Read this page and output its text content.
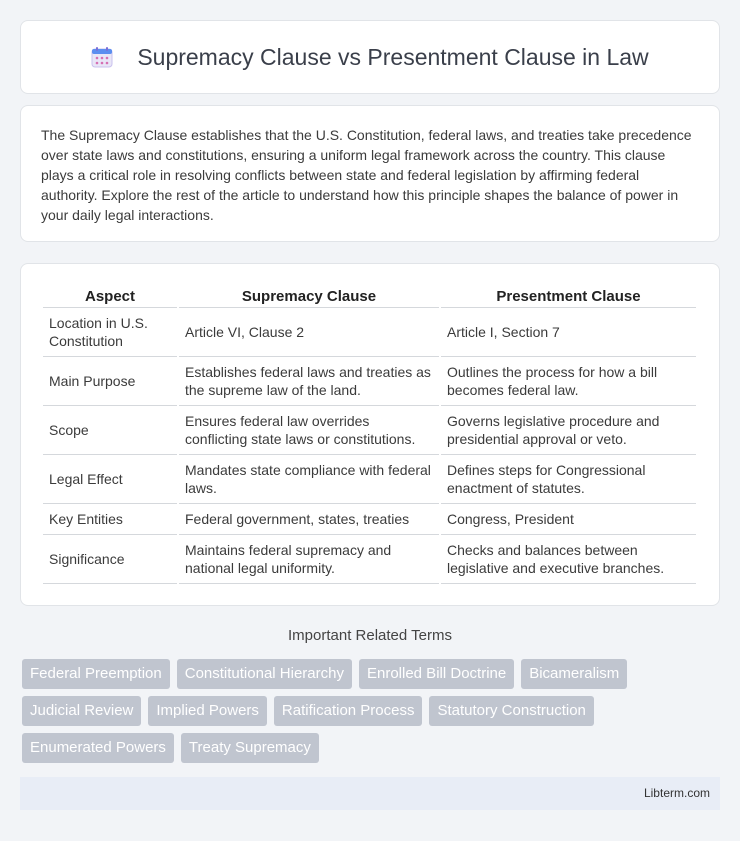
Supremacy Clause vs Presentment Clause in Law

The Supremacy Clause establishes that the U.S. Constitution, federal laws, and treaties take precedence over state laws and constitutions, ensuring a uniform legal framework across the country. This clause plays a critical role in resolving conflicts between state and federal legislation by affirming federal authority. Explore the rest of the article to understand how this principle shapes the balance of power in your daily legal interactions.

Aspect	Supremacy Clause	Presentment Clause
Location in U.S. Constitution	Article VI, Clause 2	Article I, Section 7
Main Purpose	Establishes federal laws and treaties as the supreme law of the land.	Outlines the process for how a bill becomes federal law.
Scope	Ensures federal law overrides conflicting state laws or constitutions.	Governs legislative procedure and presidential approval or veto.
Legal Effect	Mandates state compliance with federal laws.	Defines steps for Congressional enactment of statutes.
Key Entities	Federal government, states, treaties	Congress, President
Significance	Maintains federal supremacy and national legal uniformity.	Checks and balances between legislative and executive branches.
Important Related Terms
Federal Preemption	Constitutional Hierarchy	Enrolled Bill Doctrine	Bicameralism
Judicial Review	Implied Powers	Ratification Process	Statutory Construction
Enumerated Powers	Treaty Supremacy
Libterm.com
